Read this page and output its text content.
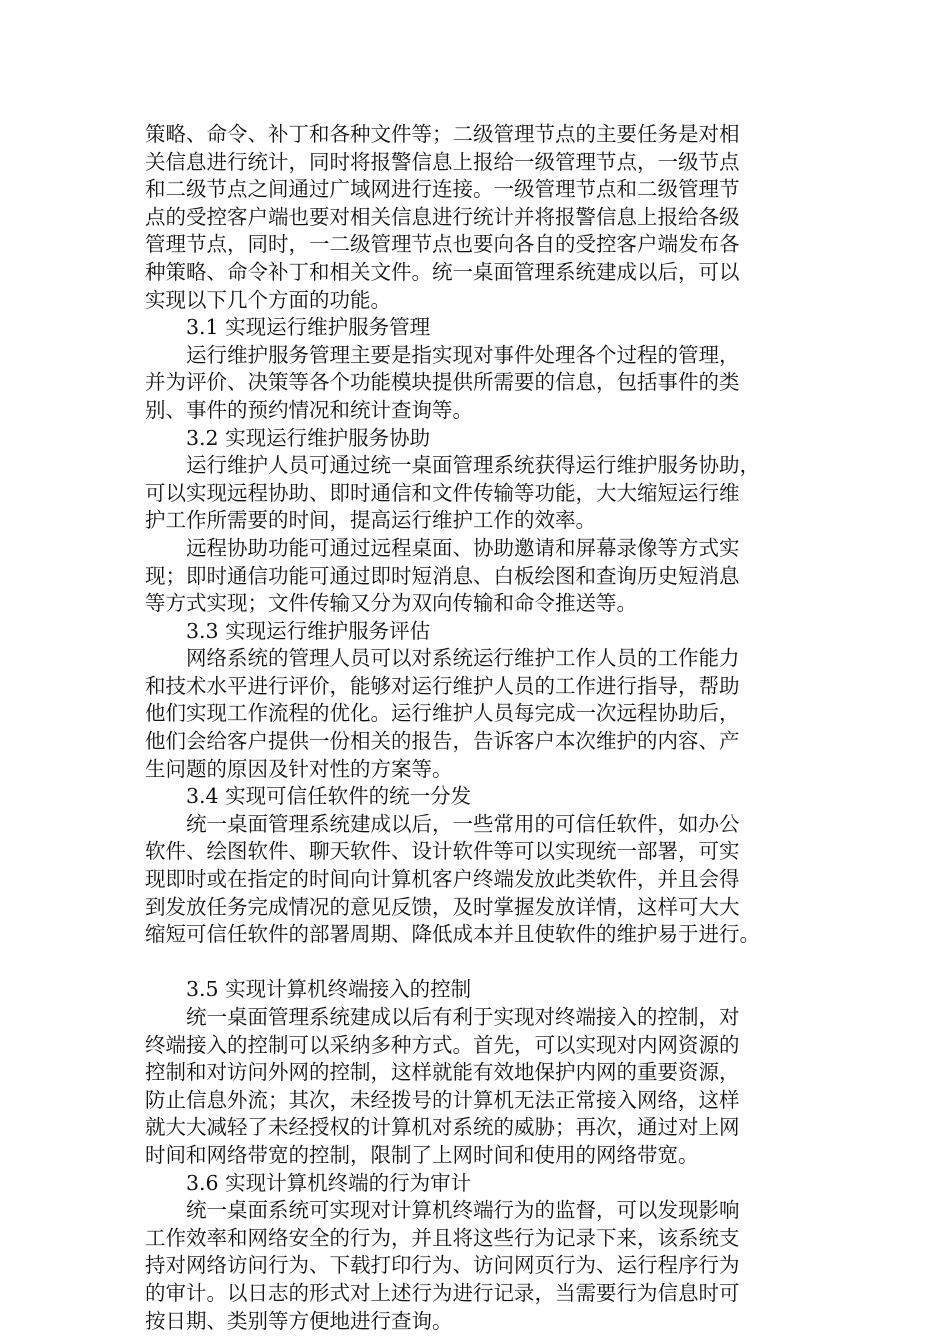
策略、命令、补丁和各种文件等；二级管理节点的主要任务是对相
关信息进行统计，同时将报警信息上报给一级管理节点，一级节点
和二级节点之间通过广域网进行连接。一级管理节点和二级管理节
点的受控客户端也要对相关信息进行统计并将报警信息上报给各级
管理节点，同时，一二级管理节点也要向各自的受控客户端发布各
种策略、命令补丁和相关文件。统一桌面管理系统建成以后，可以
实现以下几个方面的功能。
3.1 实现运行维护服务管理
运行维护服务管理主要是指实现对事件处理各个过程的管理，
并为评价、决策等各个功能模块提供所需要的信息，包括事件的类
别、事件的预约情况和统计查询等。
3.2 实现运行维护服务协助
运行维护人员可通过统一桌面管理系统获得运行维护服务协助，
可以实现远程协助、即时通信和文件传输等功能，大大缩短运行维
护工作所需要的时间，提高运行维护工作的效率。
远程协助功能可通过远程桌面、协助邀请和屏幕录像等方式实
现；即时通信功能可通过即时短消息、白板绘图和查询历史短消息
等方式实现；文件传输又分为双向传输和命令推送等。
3.3 实现运行维护服务评估
网络系统的管理人员可以对系统运行维护工作人员的工作能力
和技术水平进行评价，能够对运行维护人员的工作进行指导，帮助
他们实现工作流程的优化。运行维护人员每完成一次远程协助后，
他们会给客户提供一份相关的报告，告诉客户本次维护的内容、产
生问题的原因及针对性的方案等。
3.4 实现可信任软件的统一分发
统一桌面管理系统建成以后，一些常用的可信任软件，如办公
软件、绘图软件、聊天软件、设计软件等可以实现统一部署，可实
现即时或在指定的时间向计算机客户终端发放此类软件，并且会得
到发放任务完成情况的意见反馈，及时掌握发放详情，这样可大大
缩短可信任软件的部署周期、降低成本并且使软件的维护易于进行。
3.5 实现计算机终端接入的控制
统一桌面管理系统建成以后有利于实现对终端接入的控制，对
终端接入的控制可以采纳多种方式。首先，可以实现对内网资源的
控制和对访问外网的控制，这样就能有效地保护内网的重要资源，
防止信息外流；其次，未经拨号的计算机无法正常接入网络，这样
就大大减轻了未经授权的计算机对系统的威胁；再次，通过对上网
时间和网络带宽的控制，限制了上网时间和使用的网络带宽。
3.6 实现计算机终端的行为审计
统一桌面系统可实现对计算机终端行为的监督，可以发现影响
工作效率和网络安全的行为，并且将这些行为记录下来，该系统支
持对网络访问行为、下载打印行为、访问网页行为、运行程序行为
的审计。以日志的形式对上述行为进行记录，当需要行为信息时可
按日期、类别等方便地进行查询。
